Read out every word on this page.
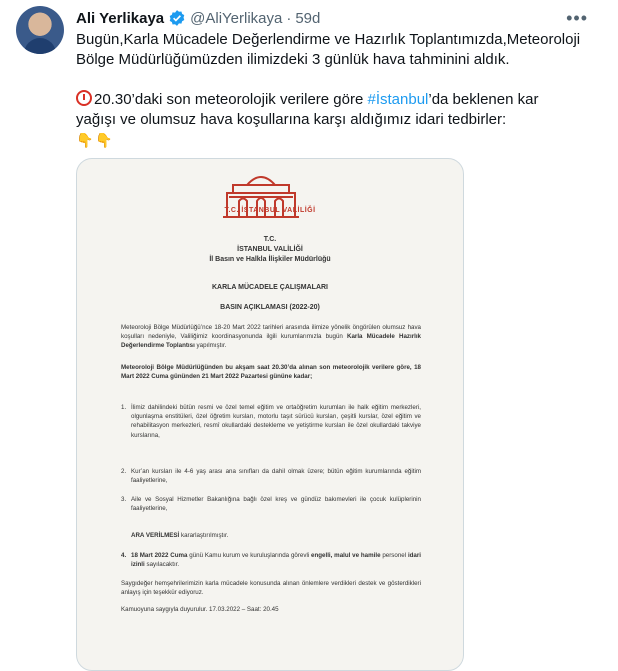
Ali Yerlikaya @AliYerlikaya · 59d	•••

Bugün,Karla Mücadele Değerlendirme ve Hazırlık Toplantımızda,Meteoroloji

Bölge Müdürlüğümüzden ilimizdeki 3 günlük hava tahminini aldık.

20.30’daki son meteorolojik verilere göre #İstanbul’da beklenen kar

yağışı ve olumsuz hava koşullarına karşı aldığımız idari tedbirler:

👇👇

T.C. İSTANBUL VALİLİĞİ
T.C.
İSTANBUL VALİLİĞİ
İl Basın ve Halkla İlişkiler Müdürlüğü
KARLA MÜCADELE ÇALIŞMALARI
BASIN AÇIKLAMASI (2022-20)
Meteoroloji Bölge Müdürlüğü’nce 18-20 Mart 2022 tarihleri arasında ilimize yönelik öngörülen olumsuz hava koşulları nedeniyle, Valiliğimiz koordinasyonunda ilgili kurumlarımızla bugün Karla Mücadele Hazırlık Değerlendirme Toplantısı yapılmıştır.
Meteoroloji Bölge Müdürlüğünden bu akşam saat 20.30’da alınan son meteorolojik verilere göre, 18 Mart 2022 Cuma gününden 21 Mart 2022 Pazartesi gününe kadar;
1. İlimiz dahilindeki bütün resmi ve özel temel eğitim ve ortaöğretim kurumları ile halk eğitim merkezleri, olgunlaşma enstitüleri, özel öğretim kursları, motorlu taşıt sürücü kursları, çeşitli kurslar, özel eğitim ve rehabilitasyon merkezleri, resmî okullardaki destekleme ve yetiştirme kursları ile özel okullardaki takviye kurslarına,
2. Kur’an kursları ile 4-6 yaş arası ana sınıfları da dahil olmak üzere; bütün eğitim kurumlarında eğitim faaliyetlerine,
3. Aile ve Sosyal Hizmetler Bakanlığına bağlı özel kreş ve gündüz bakımevleri ile çocuk kulüplerinin faaliyetlerine,
ARA VERİLMESİ kararlaştırılmıştır.
4. 18 Mart 2022 Cuma günü Kamu kurum ve kuruluşlarında görevli engelli, malul ve hamile personel idari izinli sayılacaktır.
Saygıdeğer hemşehrilerimizin karla mücadele konusunda alınan önlemlere verdikleri destek ve gösterdikleri anlayış için teşekkür ediyoruz.
Kamuoyuna saygıyla duyurulur. 17.03.2022 – Saat: 20.45
